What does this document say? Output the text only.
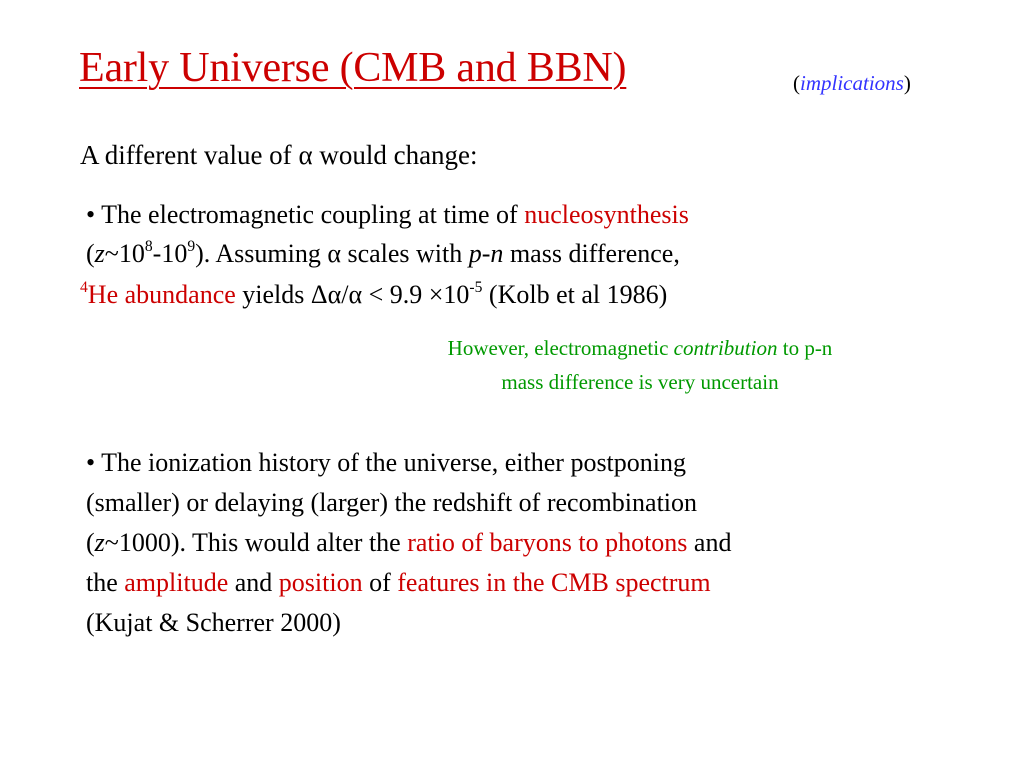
Early Universe (CMB and BBN)	(implications)
A different value of α would change:
• The electromagnetic coupling at time of nucleosynthesis
$(z\sim 10^8-10^9)$. Assuming α scales with p-n mass difference,
$^4$He abundance yields $\Delta\alpha/\alpha < 9.9 \times 10^{-5}$ (Kolb et al 1986)
However, electromagnetic contribution to p-n
mass difference is very uncertain
• The ionization history of the universe, either postponing
(smaller) or delaying (larger) the redshift of recombination
(z~1000). This would alter the ratio of baryons to photons and
the amplitude and position of features in the CMB spectrum
(Kujat & Scherrer 2000)
